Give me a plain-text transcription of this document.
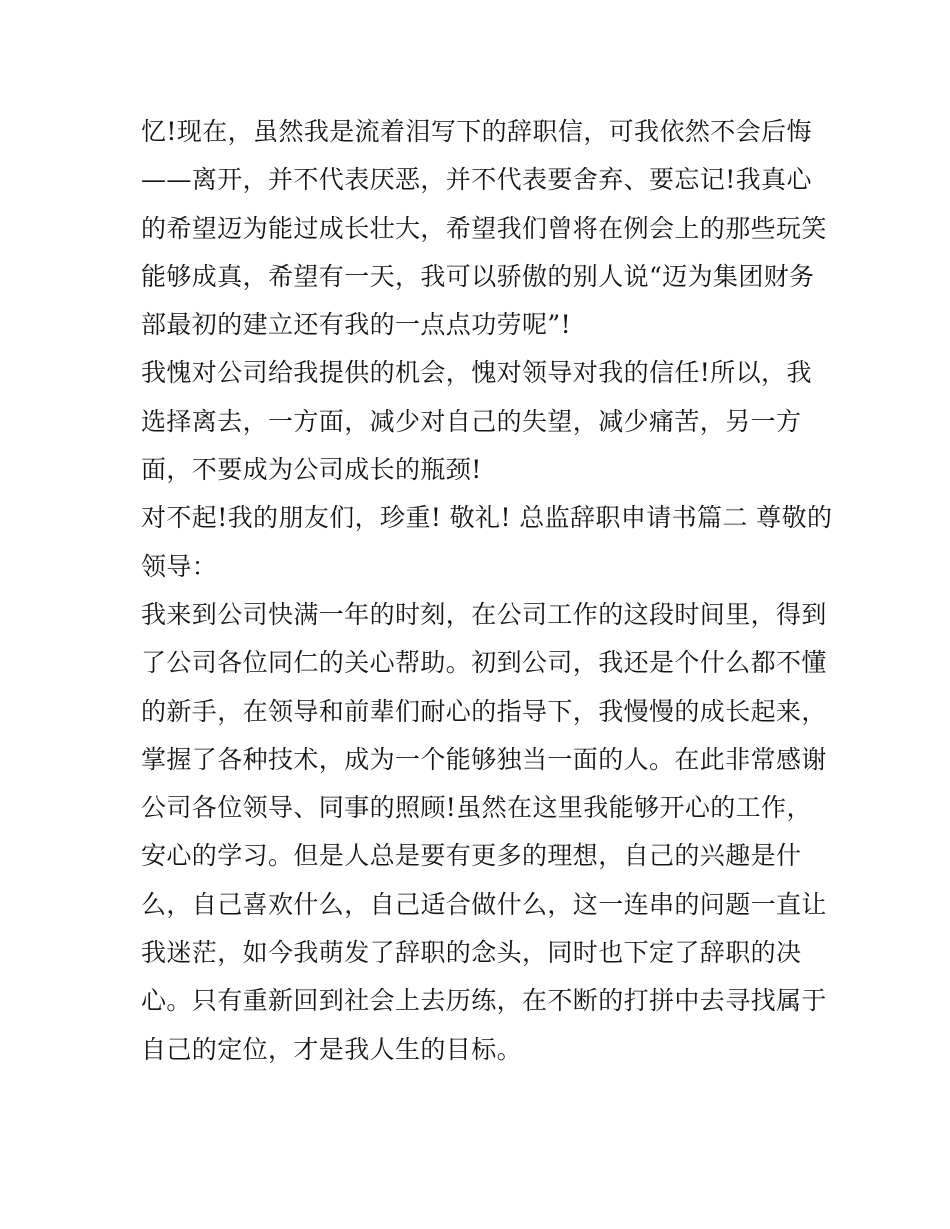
忆!现在，虽然我是流着泪写下的辞职信，可我依然不会后悔
——离开，并不代表厌恶，并不代表要舍弃、要忘记!我真心
的希望迈为能过成长壮大，希望我们曾将在例会上的那些玩笑
能够成真，希望有一天，我可以骄傲的别人说“迈为集团财务
部最初的建立还有我的一点点功劳呢”!
我愧对公司给我提供的机会，愧对领导对我的信任!所以，我
选择离去，一方面，减少对自己的失望，减少痛苦，另一方
面，不要成为公司成长的瓶颈!
对不起!我的朋友们，珍重! 敬礼! 总监辞职申请书篇二 尊敬的
领导：
我来到公司快满一年的时刻，在公司工作的这段时间里，得到
了公司各位同仁的关心帮助。初到公司，我还是个什么都不懂
的新手，在领导和前辈们耐心的指导下，我慢慢的成长起来，
掌握了各种技术，成为一个能够独当一面的人。在此非常感谢
公司各位领导、同事的照顾!虽然在这里我能够开心的工作，
安心的学习。但是人总是要有更多的理想，自己的兴趣是什
么，自己喜欢什么，自己适合做什么，这一连串的问题一直让
我迷茫，如今我萌发了辞职的念头，同时也下定了辞职的决
心。只有重新回到社会上去历练，在不断的打拼中去寻找属于
自己的定位，才是我人生的目标。
